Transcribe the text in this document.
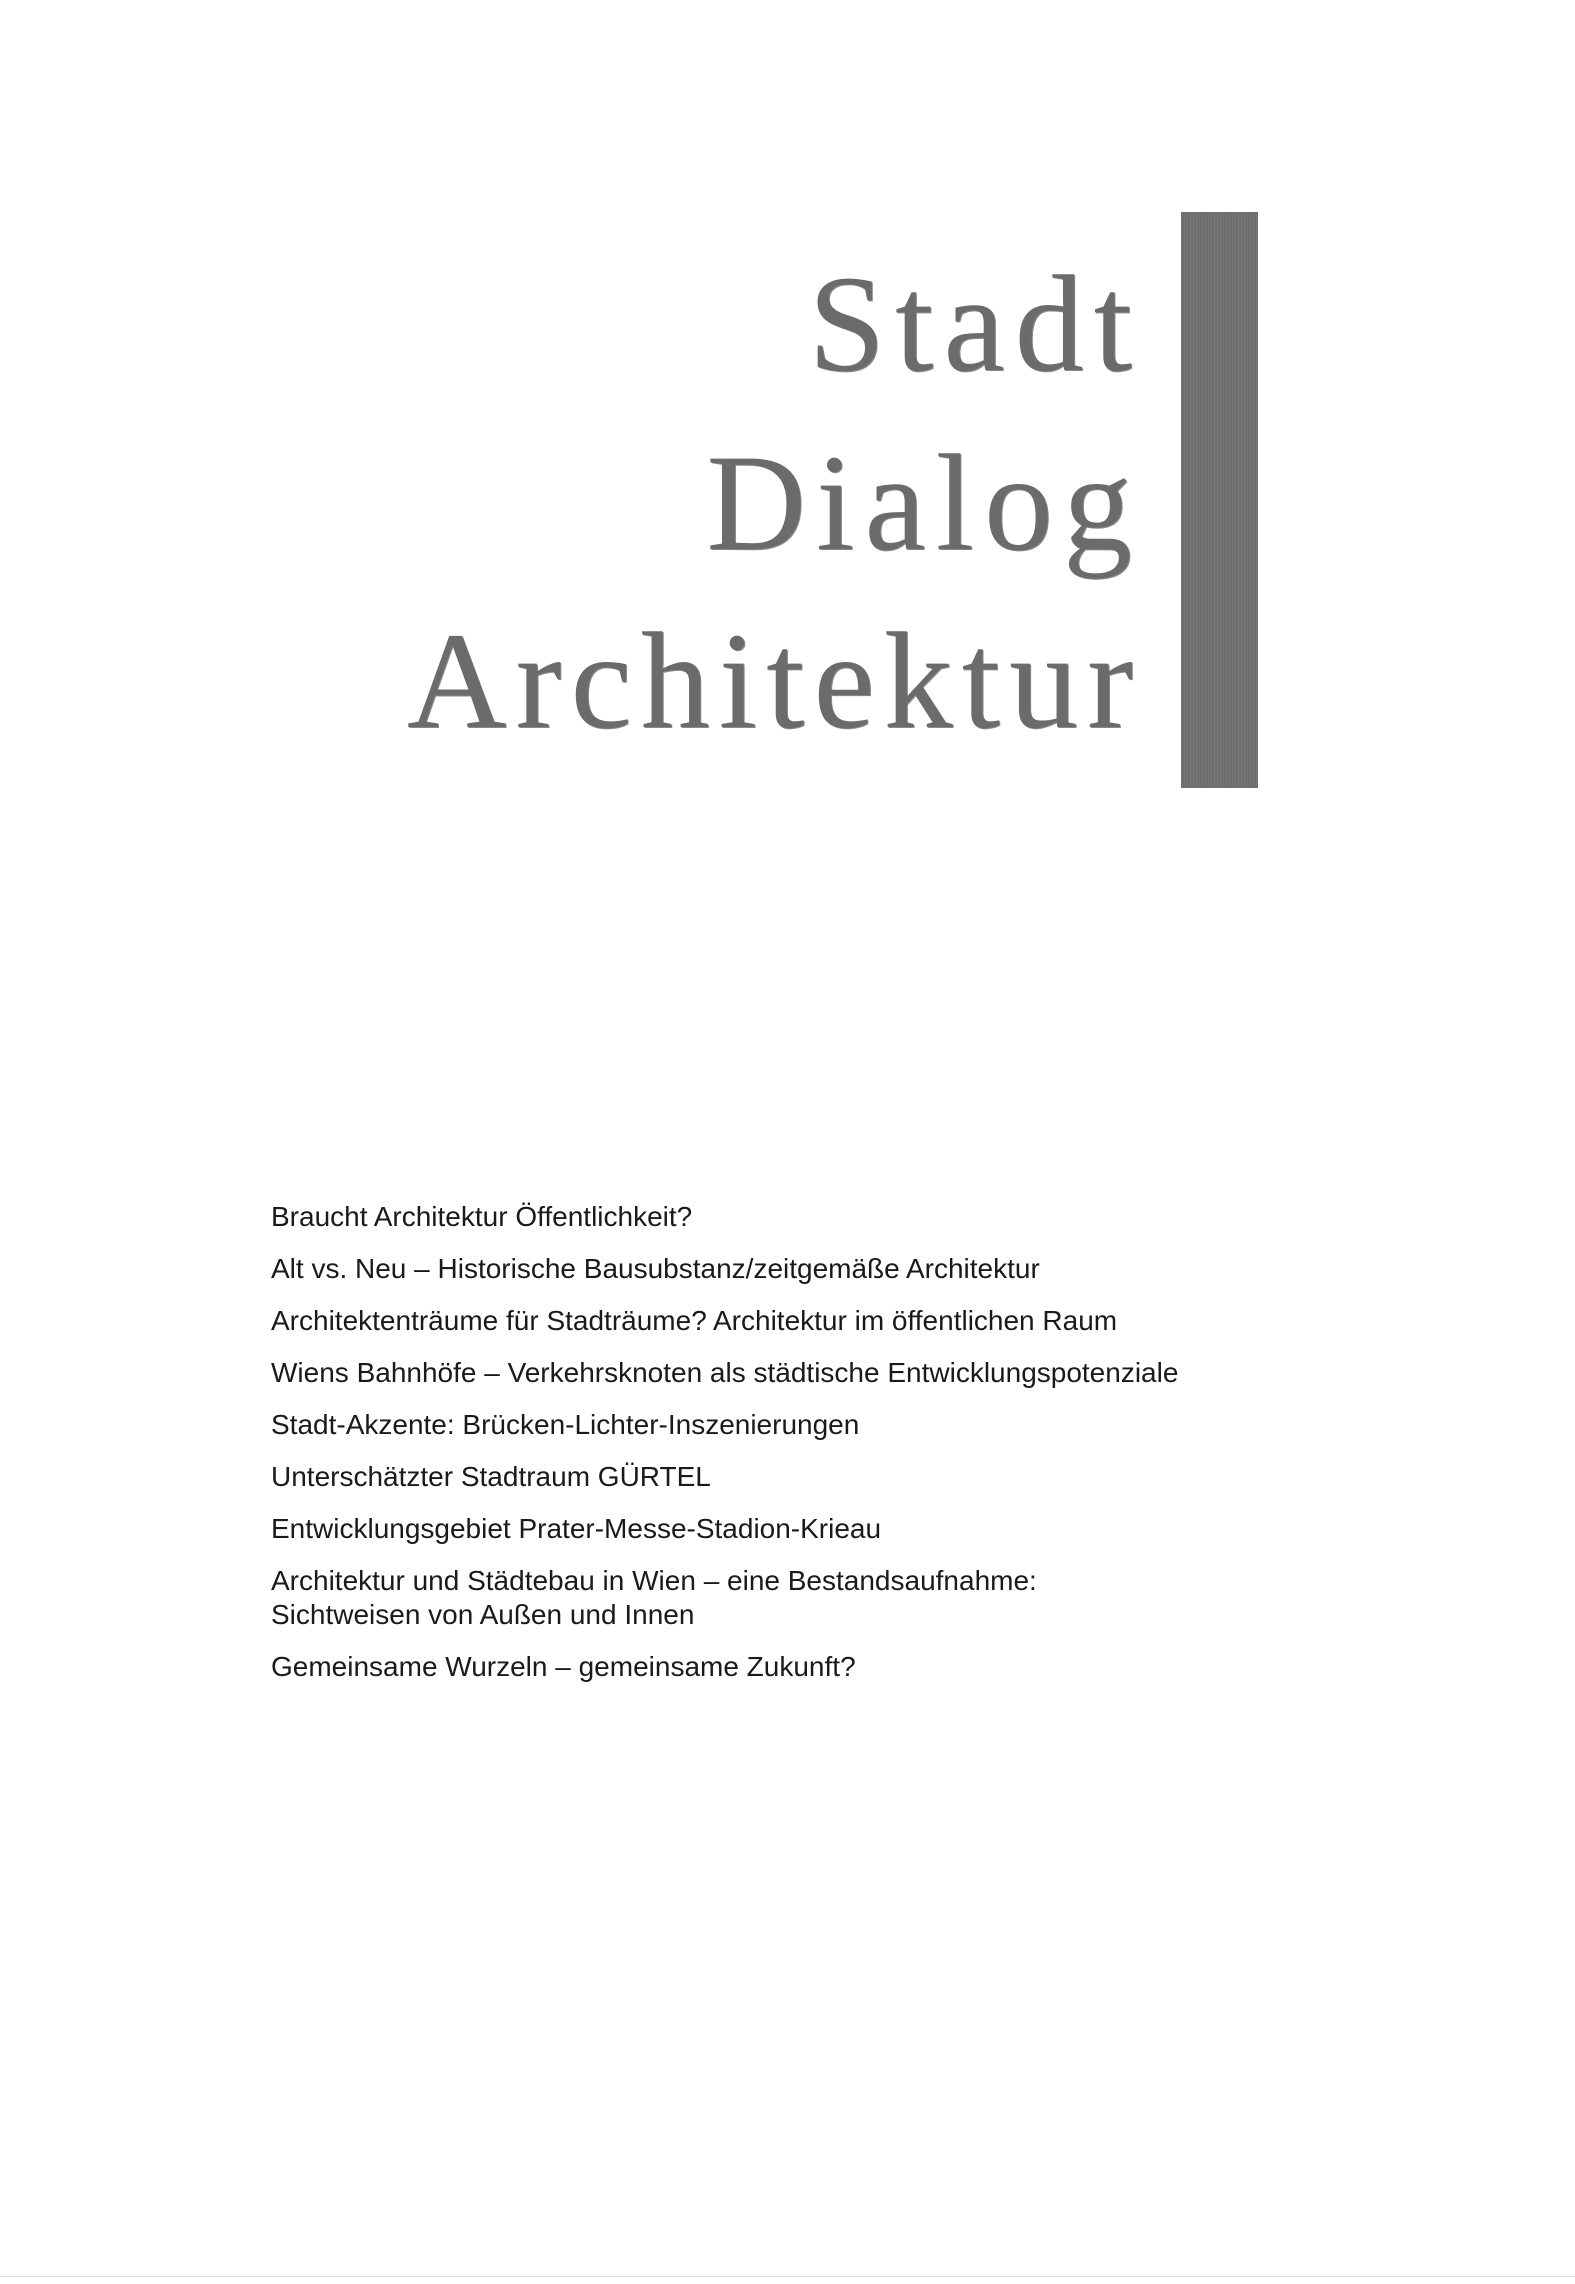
Stadt
Dialog
Architektur
Braucht Architektur Öffentlichkeit?
Alt vs. Neu – Historische Bausubstanz/zeitgemäße Architektur
Architektenträume für Stadträume? Architektur im öffentlichen Raum
Wiens Bahnhöfe – Verkehrsknoten als städtische Entwicklungspotenziale
Stadt-Akzente: Brücken-Lichter-Inszenierungen
Unterschätzter Stadtraum GÜRTEL
Entwicklungsgebiet Prater-Messe-Stadion-Krieau
Architektur und Städtebau in Wien – eine Bestandsaufnahme:
Sichtweisen von Außen und Innen
Gemeinsame Wurzeln – gemeinsame Zukunft?
